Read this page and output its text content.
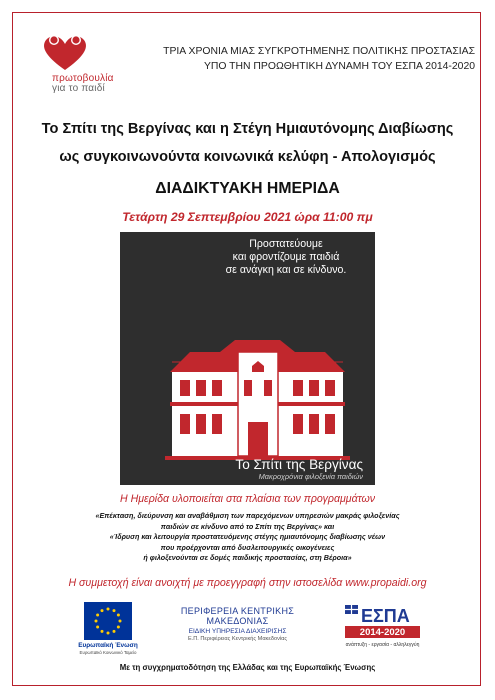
πρωτοβουλία
για το παιδί
ΤΡΙΑ ΧΡΟΝΙΑ ΜΙΑΣ ΣΥΓΚΡΟΤΗΜΕΝΗΣ ΠΟΛΙΤΙΚΗΣ ΠΡΟΣΤΑΣΙΑΣ
ΥΠΟ ΤΗΝ ΠΡΟΩΘΗΤΙΚΗ ΔΥΝΑΜΗ ΤΟΥ ΕΣΠΑ 2014-2020
Το Σπίτι της Βεργίνας και η Στέγη Ημιαυτόνομης Διαβίωσης
ως συγκοινωνούντα κοινωνικά κελύφη - Απολογισμός
ΔΙΑΔΙΚΤΥΑΚΗ ΗΜΕΡΙΔΑ
Τετάρτη 29 Σεπτεμβρίου 2021 ώρα 11:00 πμ
Προστατεύουμε
και φροντίζουμε παιδιά
σε ανάγκη και σε κίνδυνο.
Το Σπίτι της Βεργίνας
Μακροχρόνια φιλοξενία παιδιών
Η Ημερίδα υλοποιείται στα πλαίσια των προγραμμάτων
«Επέκταση, διεύρυνση και αναβάθμιση των παρεχόμενων υπηρεσιών μακράς φιλοξενίας
παιδιών σε κίνδυνο από το Σπίτι της Βεργίνας» και
«Ίδρυση και λειτουργία προστατευόμενης στέγης ημιαυτόνομης διαβίωσης νέων
που προέρχονται από δυσλειτουργικές οικογένειες
ή φιλοξενούνται σε δομές παιδικής προστασίας, στη Βέροια»
Η συμμετοχή είναι ανοιχτή με προεγγραφή στην ιστοσελίδα www.propaidi.org
Ευρωπαϊκή Ένωση
Ευρωπαϊκό Κοινωνικό Ταμείο
ΠΕΡΙΦΕΡΕΙΑ ΚΕΝΤΡΙΚΗΣ ΜΑΚΕΔΟΝΙΑΣ
ΕΙΔΙΚΗ ΥΠΗΡΕΣΙΑ ΔΙΑΧΕΙΡΙΣΗΣ
Ε.Π. Περιφέρειας Κεντρικής Μακεδονίας
ΕΣΠΑ
2014-2020
ανάπτυξη - εργασία - αλληλεγγύη
Με τη συγχρηματοδότηση της Ελλάδας και της Ευρωπαϊκής Ένωσης
